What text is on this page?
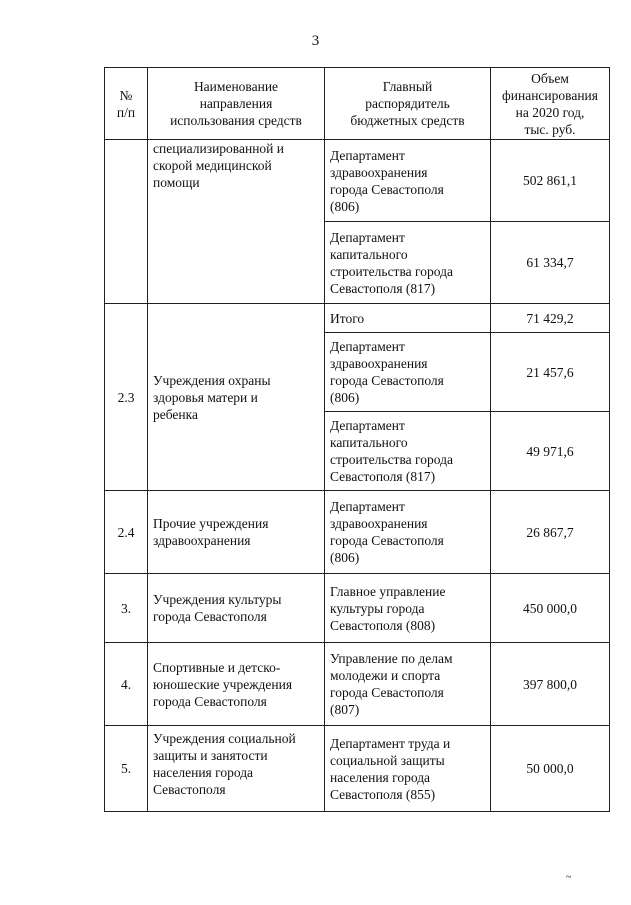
3
№
п/п	Наименование
направления
использования средств	Главный
распорядитель
бюджетных средств	Объем
финансирования
на 2020 год,
тыс. руб.
	специализированной и
скорой медицинской
помощи	Департамент
здравоохранения
города Севастополя
(806)	502 861,1
		Департамент
капитального
строительства города
Севастополя (817)	61 334,7
2.3	Учреждения охраны
здоровья матери и
ребенка	Итого	71 429,2
		Департамент
здравоохранения
города Севастополя
(806)	21 457,6
		Департамент
капитального
строительства города
Севастополя (817)	49 971,6
2.4	Прочие учреждения
здравоохранения	Департамент
здравоохранения
города Севастополя
(806)	26 867,7
3.	Учреждения культуры
города Севастополя	Главное управление
культуры города
Севастополя (808)	450 000,0
4.	Спортивные и детско-
юношеские учреждения
города Севастополя	Управление по делам
молодежи и спорта
города Севастополя
(807)	397 800,0
5.	Учреждения социальной
защиты и занятости
населения города
Севастополя	Департамент труда и
социальной защиты
населения города
Севастополя (855)	50 000,0
~
